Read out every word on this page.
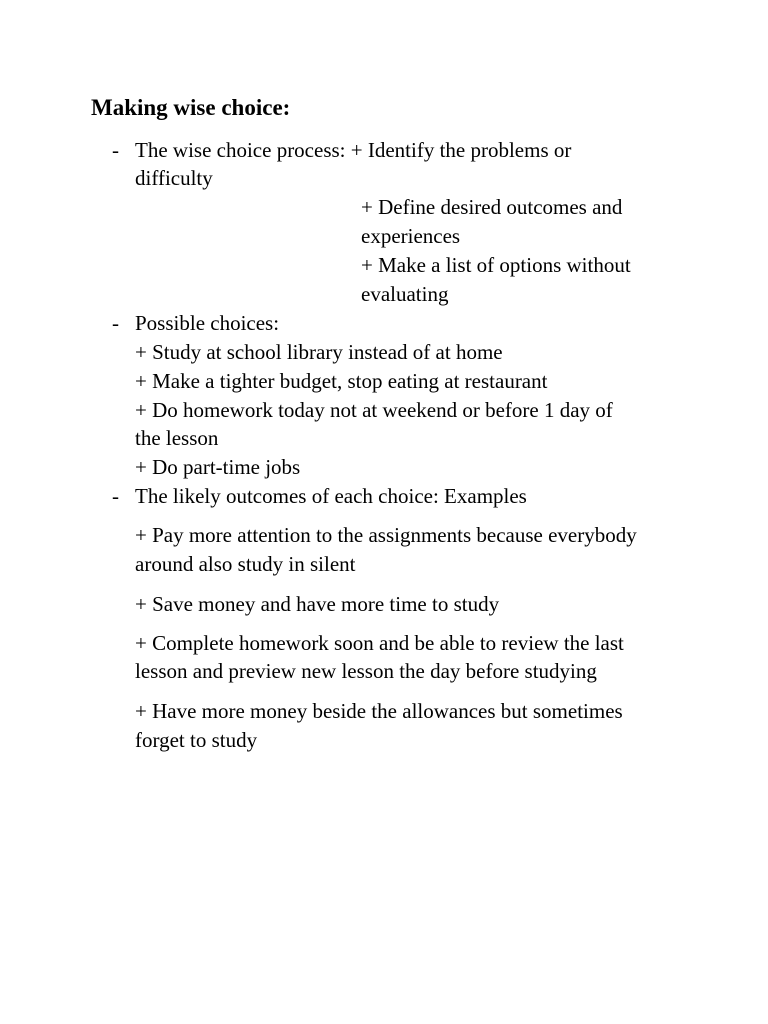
Making wise choice:
- The wise choice process: + Identify the problems or
difficulty
+ Define desired outcomes and
experiences
+ Make a list of options without
evaluating
- Possible choices:
+ Study at school library instead of at home
+ Make a tighter budget, stop eating at restaurant
+ Do homework today not at weekend or before 1 day of
the lesson
+ Do part-time jobs
- The likely outcomes of each choice: Examples
+ Pay more attention to the assignments because everybody
around also study in silent
+ Save money and have more time to study
+ Complete homework soon and be able to review the last
lesson and preview new lesson the day before studying
+ Have more money beside the allowances but sometimes
forget to study
